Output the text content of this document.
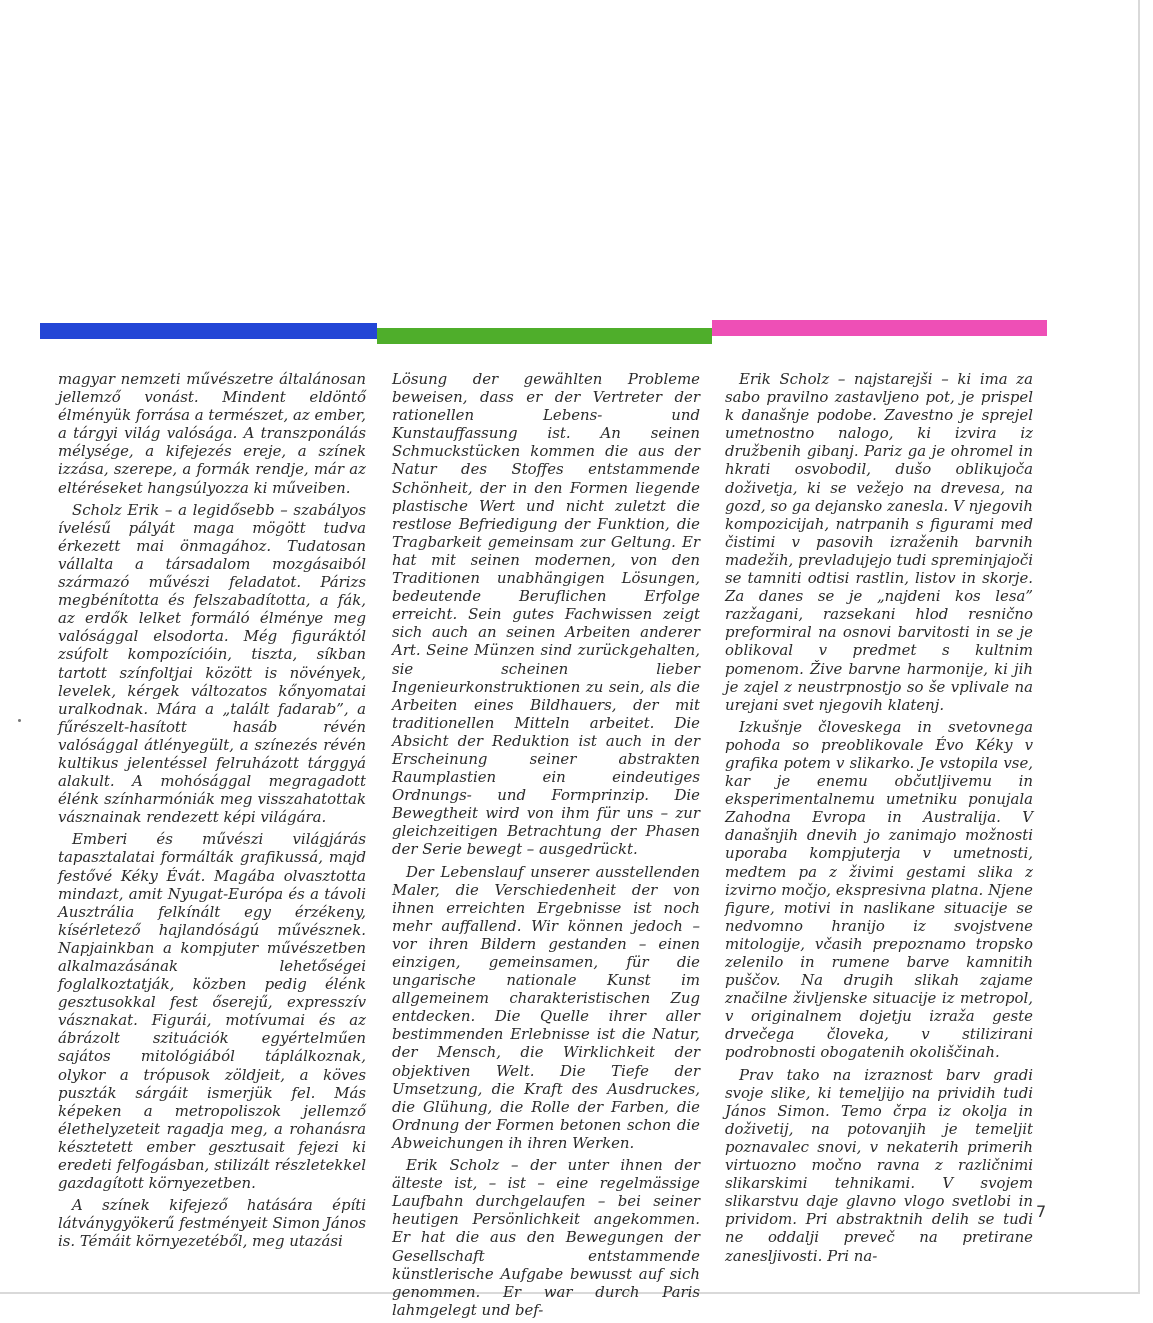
magyar nemzeti művészetre általánosan jellemző vonást. Mindent eldöntő élményük forrása a természet, az ember, a tárgyi világ valósága. A transzponálás mélysége, a kifejezés ereje, a színek izzása, szerepe, a formák rendje, már az eltéréseket hangsúlyozza ki műveiben.

Scholz Erik – a legidősebb – szabályos ívelésű pályát maga mögött tudva érkezett mai önmagához. Tudatosan vállalta a társadalom mozgásaiból származó művészi feladatot. Párizs megbénította és felszabadította, a fák, az erdők lelket formáló élménye meg valósággal elsodorta. Még figuráktól zsúfolt kompozícióin, tiszta, síkban tartott színfoltjai között is növények, levelek, kérgek változatos kőnyomatai uralkodnak. Mára a „talált fadarab”, a fűrészelt-hasított hasáb révén valósággal átlényegült, a színezés révén kultikus jelentéssel felruházott tárggyá alakult. A mohósággal megragadott élénk színharmóniák meg visszahatottak vásznainak rendezett képi világára.

Emberi és művészi világjárás tapasztalatai formálták grafikussá, majd festővé Kéky Évát. Magába olvasztotta mindazt, amit Nyugat-Európa és a távoli Ausztrália felkínált egy érzékeny, kísérletező hajlandóságú művésznek. Napjainkban a kompjuter művészetben alkalmazásának lehetőségei foglalkoztatják, közben pedig élénk gesztusokkal fest őserejű, expresszív vásznakat. Figurái, motívumai és az ábrázolt szituációk egyértelműen sajátos mitológiából táplálkoznak, olykor a trópusok zöldjeit, a köves puszták sárgáit ismerjük fel. Más képeken a metropoliszok jellemző élethelyzeteit ragadja meg, a rohanásra késztetett ember gesztusait fejezi ki eredeti felfogásban, stilizált részletekkel gazdagított környezetben.

A színek kifejező hatására építi látványgyökerű festményeit Simon János is. Témáit környezetéből, meg utazási

Lösung der gewählten Probleme beweisen, dass er der Vertreter der rationellen Lebens- und Kunstauffassung ist. An seinen Schmuckstücken kommen die aus der Natur des Stoffes entstammende Schönheit, der in den Formen liegende plastische Wert und nicht zuletzt die restlose Befriedigung der Funktion, die Tragbarkeit gemeinsam zur Geltung. Er hat mit seinen modernen, von den Traditionen unabhängigen Lösungen, bedeutende Beruflichen Erfolge erreicht. Sein gutes Fachwissen zeigt sich auch an seinen Arbeiten anderer Art. Seine Münzen sind zurückgehalten, sie scheinen lieber Ingenieurkonstruktionen zu sein, als die Arbeiten eines Bildhauers, der mit traditionellen Mitteln arbeitet. Die Absicht der Reduktion ist auch in der Erscheinung seiner abstrakten Raumplastien ein eindeutiges Ordnungs- und Formprinzip. Die Bewegtheit wird von ihm für uns – zur gleichzeitigen Betrachtung der Phasen der Serie bewegt – ausgedrückt.

Der Lebenslauf unserer ausstellenden Maler, die Verschiedenheit der von ihnen erreichten Ergebnisse ist noch mehr auffallend. Wir können jedoch – vor ihren Bildern gestanden – einen einzigen, gemeinsamen, für die ungarische nationale Kunst im allgemeinem charakteristischen Zug entdecken. Die Quelle ihrer aller bestimmenden Erlebnisse ist die Natur, der Mensch, die Wirklichkeit der objektiven Welt. Die Tiefe der Umsetzung, die Kraft des Ausdruckes, die Glühung, die Rolle der Farben, die Ordnung der Formen betonen schon die Abweichungen ih ihren Werken.

Erik Scholz – der unter ihnen der älteste ist, – ist – eine regelmässige Laufbahn durchgelaufen – bei seiner heutigen Persönlichkeit angekommen. Er hat die aus den Bewegungen der Gesellschaft entstammende künstlerische Aufgabe bewusst auf sich genommen. Er war durch Paris lahmgelegt und bef-

Erik Scholz – najstarejši – ki ima za sabo pravilno zastavljeno pot, je prispel k današnje podobe. Zavestno je sprejel umetnostno nalogo, ki izvira iz družbenih gibanj. Pariz ga je ohromel in hkrati osvobodil, dušo oblikujoča doživetja, ki se vežejo na drevesa, na gozd, so ga dejansko zanesla. V njegovih kompozicijah, natrpanih s figurami med čistimi v pasovih izraženih barvnih madežih, prevladujejo tudi spreminjajoči se tamniti odtisi rastlin, listov in skorje. Za danes se je „najdeni kos lesa” razžagani, razsekani hlod resnično preformiral na osnovi barvitosti in se je oblikoval v predmet s kultnim pomenom. Žive barvne harmonije, ki jih je zajel z neustrpnostjo so še vplivale na urejani svet njegovih klatenj.

Izkušnje človeskega in svetovnega pohoda so preoblikovale Évo Kéky v grafika potem v slikarko. Je vstopila vse, kar je enemu občutljivemu in eksperimentalnemu umetniku ponujala Zahodna Evropa in Australija. V današnjih dnevih jo zanimajo možnosti uporaba kompjuterja v umetnosti, medtem pa z živimi gestami slika z izvirno močjo, ekspresivna platna. Njene figure, motivi in naslikane situacije se nedvomno hranijo iz svojstvene mitologije, včasih prepoznamo tropsko zelenilo in rumene barve kamnitih puščov. Na drugih slikah zajame značilne življenske situacije iz metropol, v originalnem dojetju izraža geste drvečega človeka, v stilizirani podrobnosti obogatenih okoliščinah.

Prav tako na izraznost barv gradi svoje slike, ki temeljijo na prividih tudi János Simon. Temo črpa iz okolja in doživetij, na potovanjih je temeljit poznavalec snovi, v nekaterih primerih virtuozno močno ravna z različnimi slikarskimi tehnikami. V svojem slikarstvu daje glavno vlogo svetlobi in prividom. Pri abstraktnih delih se tudi ne oddalji preveč na pretirane zanesljivosti. Pri na-

7
